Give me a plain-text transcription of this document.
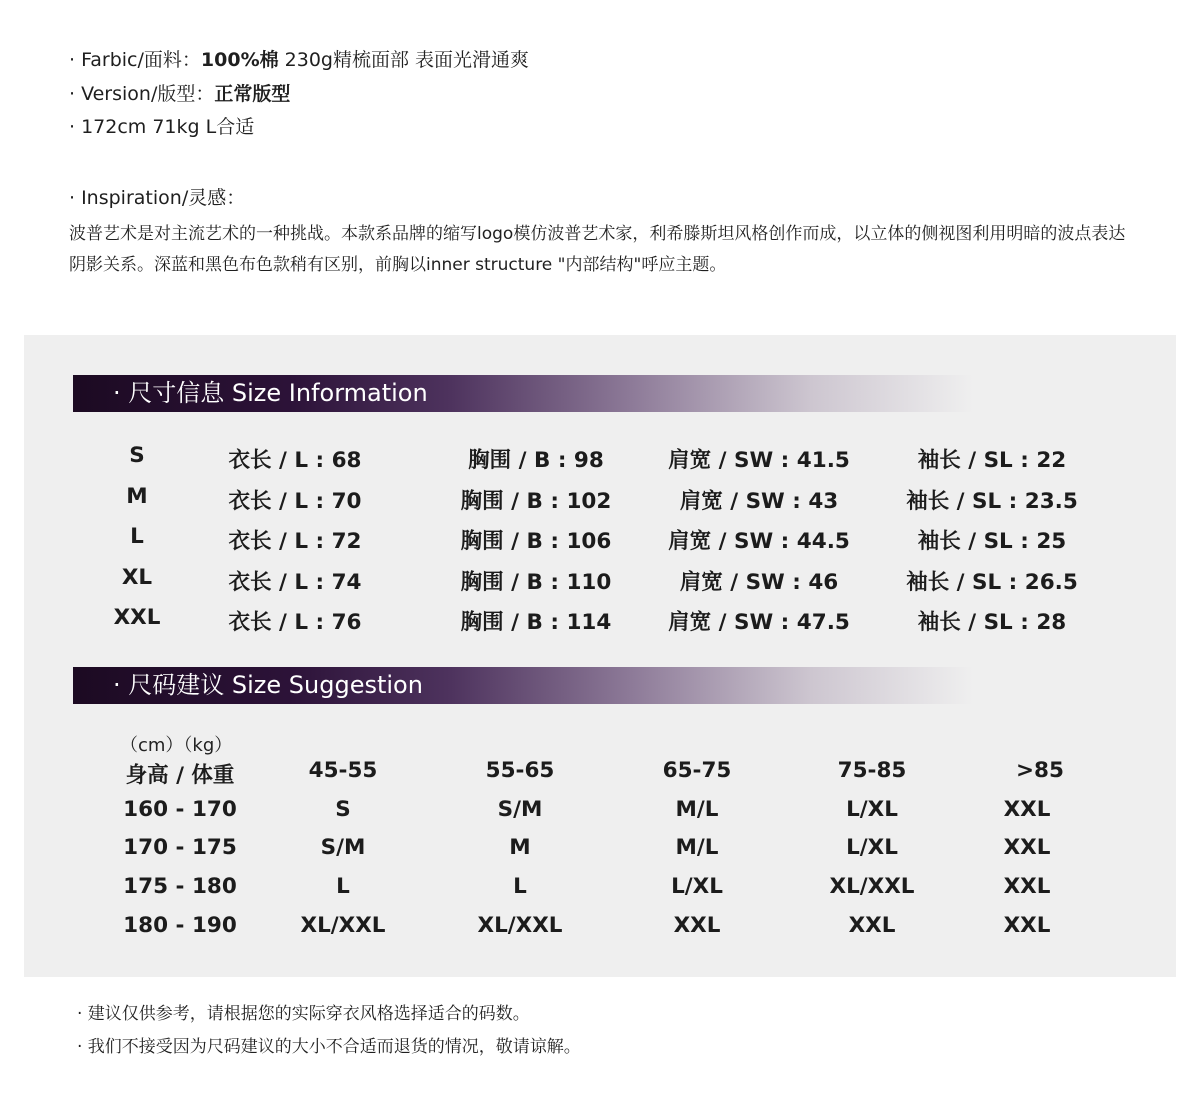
· Farbic/面料：100%棉 230g精梳面部 表面光滑通爽
· Version/版型：正常版型
· 172cm 71kg L合适
· Inspiration/灵感：
波普艺术是对主流艺术的一种挑战。本款系品牌的缩写logo模仿波普艺术家，利希滕斯坦风格创作而成，以立体的侧视图利用明暗的波点表达阴影关系。深蓝和黑色布色款稍有区别，前胸以inner structure "内部结构"呼应主题。
· 尺寸信息 Size Information
S	衣长 / L : 68	胸围 / B : 98	肩宽 / SW : 41.5	袖长 / SL : 22
M	衣长 / L : 70	胸围 / B : 102	肩宽 / SW : 43	袖长 / SL : 23.5
L	衣长 / L : 72	胸围 / B : 106	肩宽 / SW : 44.5	袖长 / SL : 25
XL	衣长 / L : 74	胸围 / B : 110	肩宽 / SW : 46	袖长 / SL : 26.5
XXL	衣长 / L : 76	胸围 / B : 114	肩宽 / SW : 47.5	袖长 / SL : 28
· 尺码建议 Size Suggestion
（cm）（kg）
身高 / 体重	45-55	55-65	65-75	75-85	>85
160 - 170	S	S/M	M/L	L/XL	XXL
170 - 175	S/M	M	M/L	L/XL	XXL
175 - 180	L	L	L/XL	XL/XXL	XXL
180 - 190	XL/XXL	XL/XXL	XXL	XXL	XXL
· 建议仅供参考，请根据您的实际穿衣风格选择适合的码数。
· 我们不接受因为尺码建议的大小不合适而退货的情况，敬请谅解。
